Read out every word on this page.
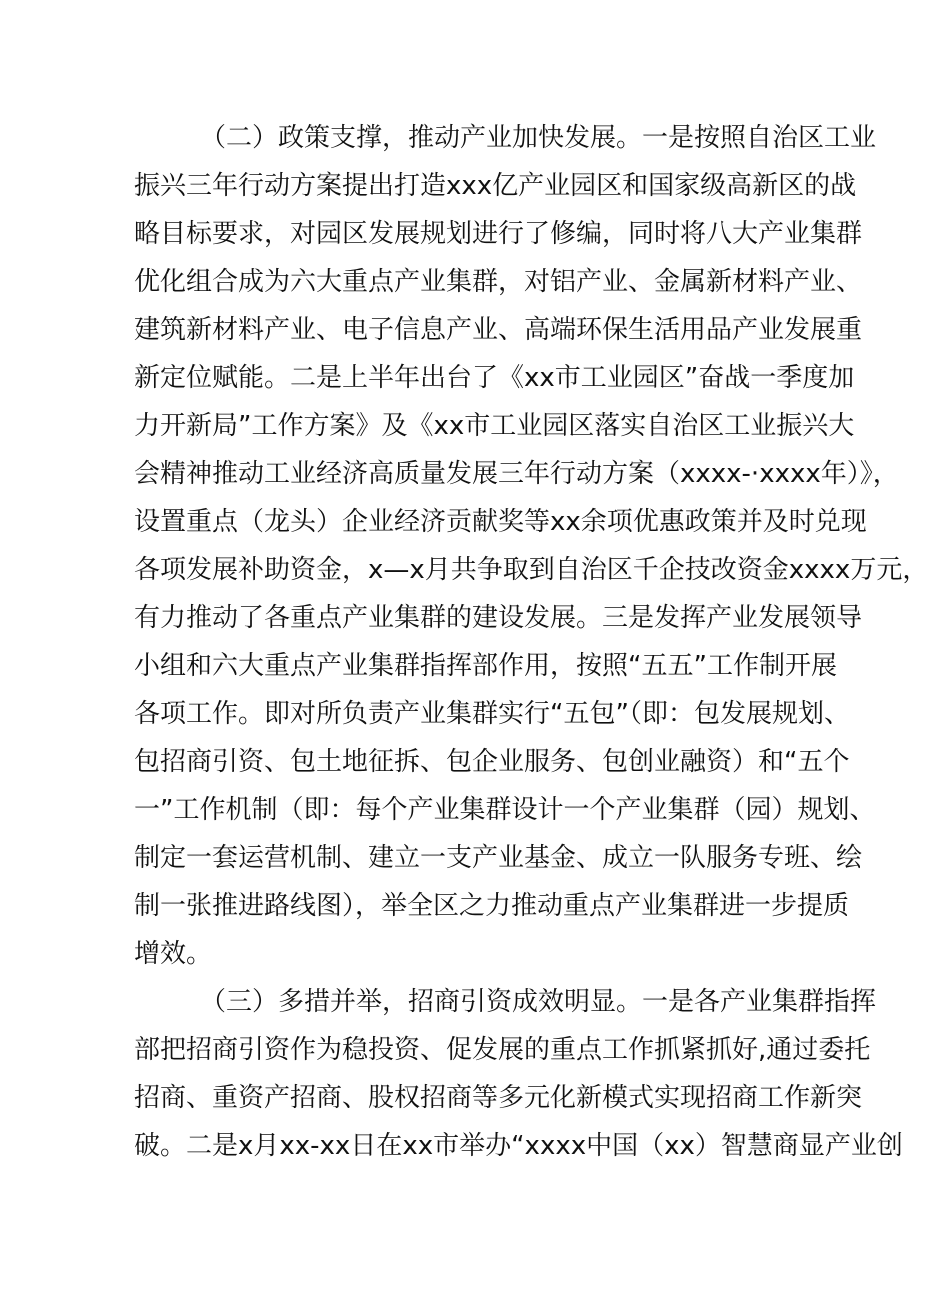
（二）政策支撑，推动产业加快发展。一是按照自治区工业
振兴三年行动方案提出打造xxx亿产业园区和国家级高新区的战
略目标要求，对园区发展规划进行了修编，同时将八大产业集群
优化组合成为六大重点产业集群，对铝产业、金属新材料产业、
建筑新材料产业、电子信息产业、高端环保生活用品产业发展重
新定位赋能。二是上半年出台了《xx市工业园区”奋战一季度加
力开新局”工作方案》及《xx市工业园区落实自治区工业振兴大
会精神推动工业经济高质量发展三年行动方案（xxxx-·xxxx年）》，
设置重点（龙头）企业经济贡献奖等xx余项优惠政策并及时兑现
各项发展补助资金，x—x月共争取到自治区千企技改资金xxxx万元，
有力推动了各重点产业集群的建设发展。三是发挥产业发展领导
小组和六大重点产业集群指挥部作用，按照“五五”工作制开展
各项工作。即对所负责产业集群实行“五包”（即：包发展规划、
包招商引资、包土地征拆、包企业服务、包创业融资）和“五个
一”工作机制（即：每个产业集群设计一个产业集群（园）规划、
制定一套运营机制、建立一支产业基金、成立一队服务专班、绘
制一张推进路线图），举全区之力推动重点产业集群进一步提质
增效。
（三）多措并举，招商引资成效明显。一是各产业集群指挥
部把招商引资作为稳投资、促发展的重点工作抓紧抓好,通过委托
招商、重资产招商、股权招商等多元化新模式实现招商工作新突
破。二是x月xx-xx日在xx市举办“xxxx中国（xx）智慧商显产业创
